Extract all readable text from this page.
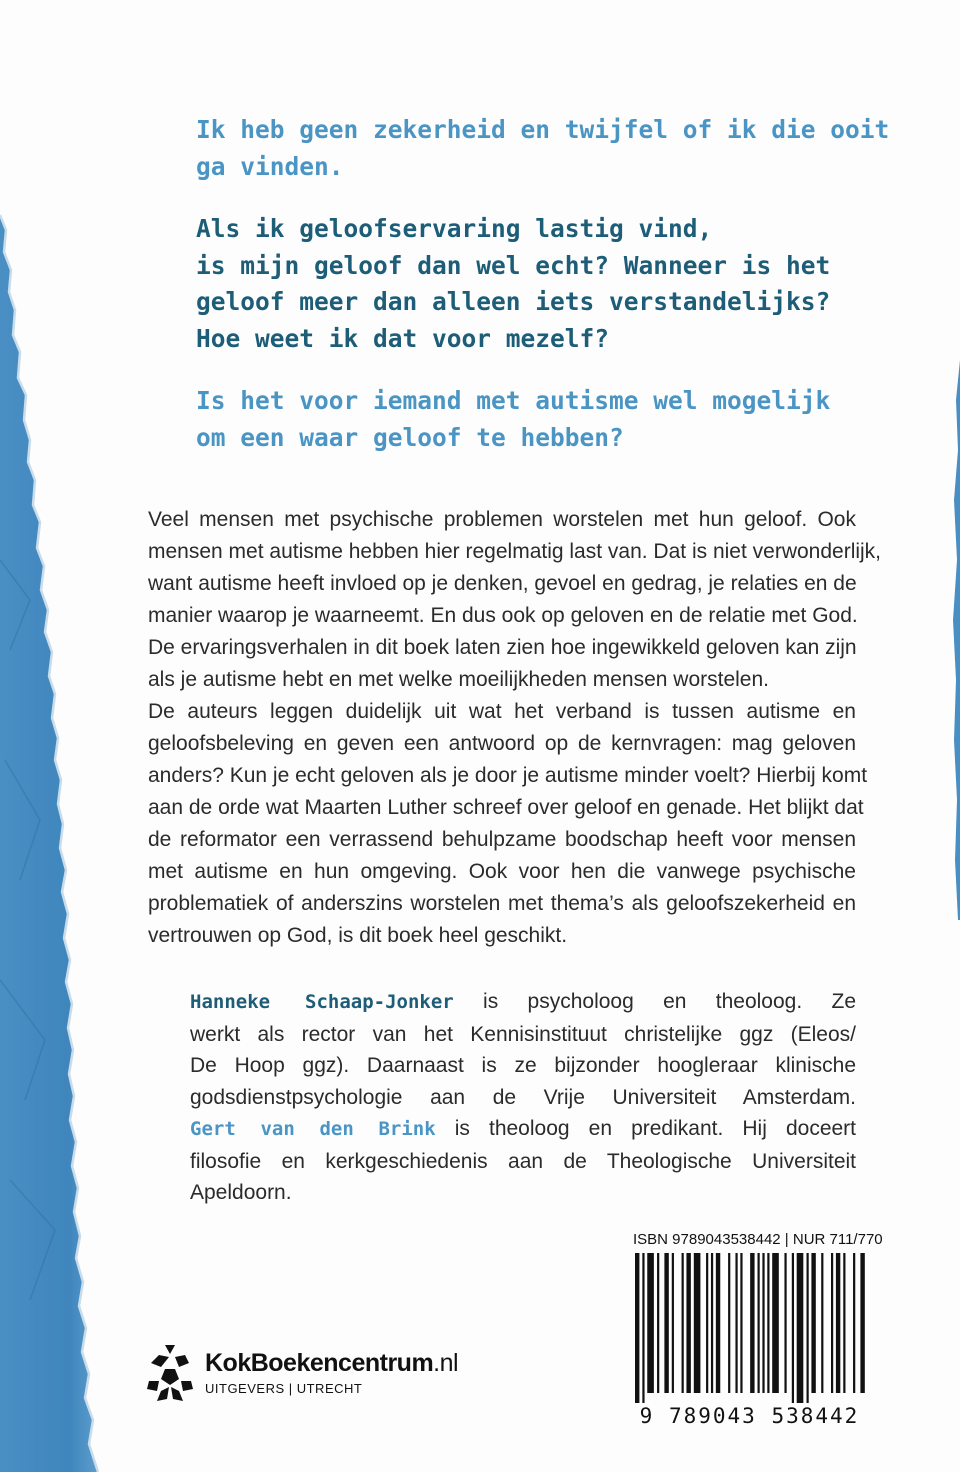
Ik heb geen zekerheid en twijfel of ik die ooit
ga vinden.

Als ik geloofservaring lastig vind,
is mijn geloof dan wel echt? Wanneer is het
geloof meer dan alleen iets verstandelijks?
Hoe weet ik dat voor mezelf?

Is het voor iemand met autisme wel mogelijk
om een waar geloof te hebben?

Veel mensen met psychische problemen worstelen met hun geloof. Ook
mensen met autisme hebben hier regelmatig last van. Dat is niet verwonderlijk,
want autisme heeft invloed op je denken, gevoel en gedrag, je relaties en de
manier waarop je waarneemt. En dus ook op geloven en de relatie met God.
De ervaringsverhalen in dit boek laten zien hoe ingewikkeld geloven kan zijn
als je autisme hebt en met welke moeilijkheden mensen worstelen.
De auteurs leggen duidelijk uit wat het verband is tussen autisme en
geloofsbeleving en geven een antwoord op de kernvragen: mag geloven
anders? Kun je echt geloven als je door je autisme minder voelt? Hierbij komt
aan de orde wat Maarten Luther schreef over geloof en genade. Het blijkt dat
de reformator een verrassend behulpzame boodschap heeft voor mensen
met autisme en hun omgeving. Ook voor hen die vanwege psychische
problematiek of anderszins worstelen met thema’s als geloofszekerheid en
vertrouwen op God, is dit boek heel geschikt.
Hanneke Schaap-Jonker is psycholoog en theoloog. Ze
werkt als rector van het Kennisinstituut christelijke ggz (Eleos/
De Hoop ggz). Daarnaast is ze bijzonder hoogleraar klinische
godsdienstpsychologie aan de Vrije Universiteit Amsterdam.
Gert van den Brink is theoloog en predikant. Hij doceert
filosofie en kerkgeschiedenis aan de Theologische Universiteit
Apeldoorn.
ISBN 9789043538442 | NUR 711/770
9 789043 538442
KokBoekencentrum.nl
UITGEVERS | UTRECHT
